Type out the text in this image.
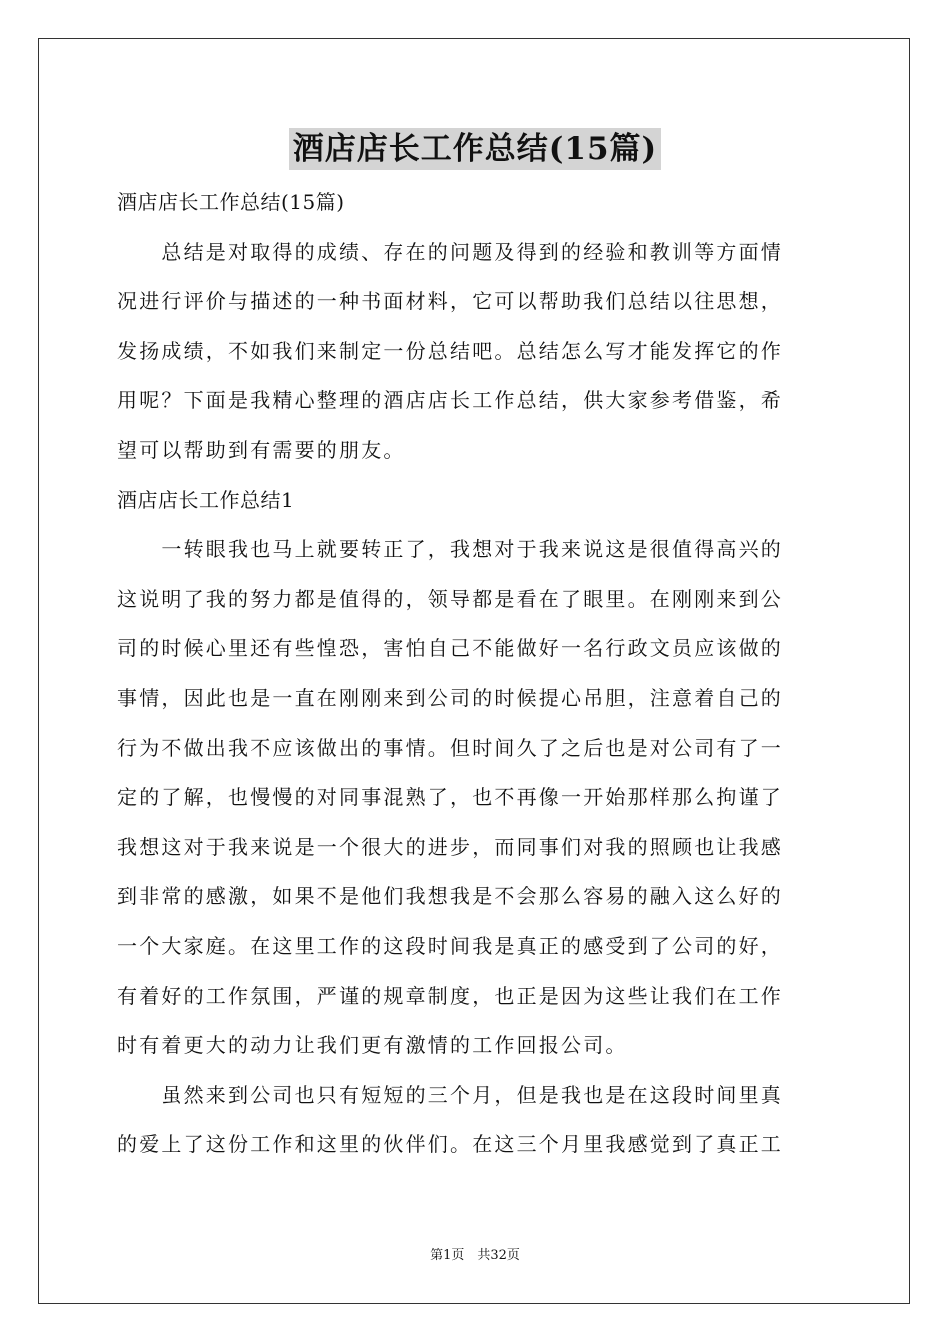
酒店店长工作总结(15篇)
酒店店长工作总结(15篇)
　　总结是对取得的成绩、存在的问题及得到的经验和教训等方面情
况进行评价与描述的一种书面材料，它可以帮助我们总结以往思想，
发扬成绩，不如我们来制定一份总结吧。总结怎么写才能发挥它的作
用呢？下面是我精心整理的酒店店长工作总结，供大家参考借鉴，希
望可以帮助到有需要的朋友。
酒店店长工作总结1
　　一转眼我也马上就要转正了，我想对于我来说这是很值得高兴的
这说明了我的努力都是值得的，领导都是看在了眼里。在刚刚来到公
司的时候心里还有些惶恐，害怕自己不能做好一名行政文员应该做的
事情，因此也是一直在刚刚来到公司的时候提心吊胆，注意着自己的
行为不做出我不应该做出的事情。但时间久了之后也是对公司有了一
定的了解，也慢慢的对同事混熟了，也不再像一开始那样那么拘谨了
我想这对于我来说是一个很大的进步，而同事们对我的照顾也让我感
到非常的感激，如果不是他们我想我是不会那么容易的融入这么好的
一个大家庭。在这里工作的这段时间我是真正的感受到了公司的好，
有着好的工作氛围，严谨的规章制度，也正是因为这些让我们在工作
时有着更大的动力让我们更有激情的工作回报公司。
　　虽然来到公司也只有短短的三个月，但是我也是在这段时间里真
的爱上了这份工作和这里的伙伴们。在这三个月里我感觉到了真正工
第1页　共32页
